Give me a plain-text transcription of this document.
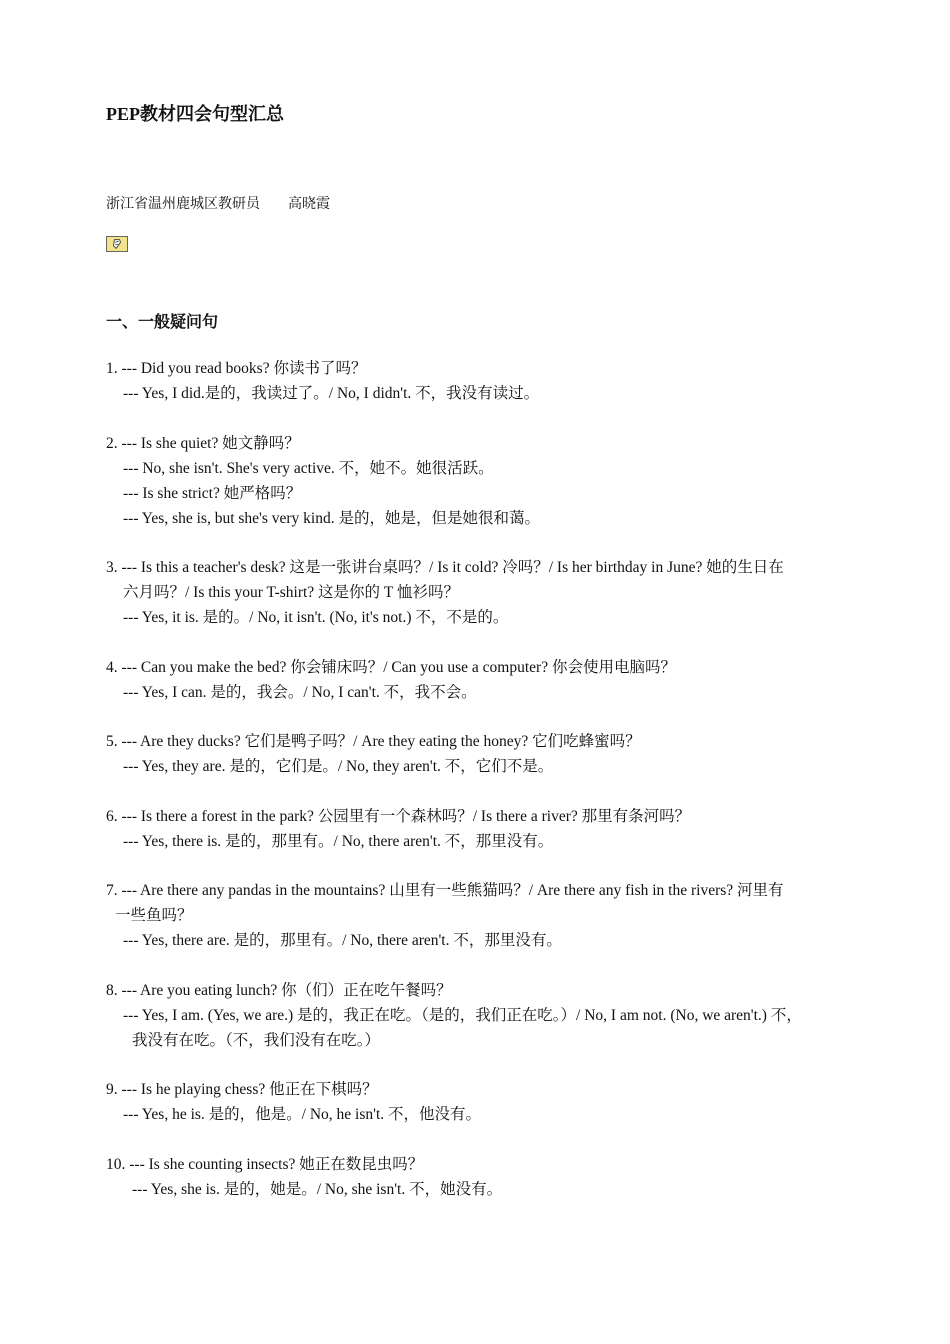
PEP教材四会句型汇总
浙江省温州鹿城区教研员 高晓霞
一、一般疑问句
1. --- Did you read books? 你读书了吗？
--- Yes, I did.是的，我读过了。/ No, I didn't. 不，我没有读过。
2. --- Is she quiet? 她文静吗？
--- No, she isn't. She's very active. 不，她不。她很活跃。
--- Is she strict? 她严格吗？
--- Yes, she is, but she's very kind. 是的，她是，但是她很和蔼。
3. --- Is this a teacher's desk? 这是一张讲台桌吗？/ Is it cold? 冷吗？/ Is her birthday in June? 她的生日在
六月吗？/ Is this your T-shirt? 这是你的 T 恤衫吗？
--- Yes, it is. 是的。/ No, it isn't. (No, it's not.) 不，不是的。
4. --- Can you make the bed? 你会铺床吗？/ Can you use a computer? 你会使用电脑吗？
--- Yes, I can. 是的，我会。/ No, I can't. 不，我不会。
5. --- Are they ducks? 它们是鸭子吗？/ Are they eating the honey? 它们吃蜂蜜吗？
--- Yes, they are. 是的，它们是。/ No, they aren't. 不，它们不是。
6. --- Is there a forest in the park? 公园里有一个森林吗？/ Is there a river? 那里有条河吗？
--- Yes, there is. 是的，那里有。/ No, there aren't. 不，那里没有。
7. --- Are there any pandas in the mountains? 山里有一些熊猫吗？/ Are there any fish in the rivers? 河里有
一些鱼吗？
--- Yes, there are. 是的，那里有。/ No, there aren't. 不，那里没有。
8. --- Are you eating lunch? 你（们）正在吃午餐吗？
--- Yes, I am. (Yes, we are.) 是的，我正在吃。（是的，我们正在吃。）/ No, I am not. (No, we aren't.) 不，
我没有在吃。（不，我们没有在吃。）
9. --- Is he playing chess? 他正在下棋吗？
--- Yes, he is. 是的，他是。/ No, he isn't. 不，他没有。
10. --- Is she counting insects? 她正在数昆虫吗？
--- Yes, she is. 是的，她是。/ No, she isn't. 不，她没有。
